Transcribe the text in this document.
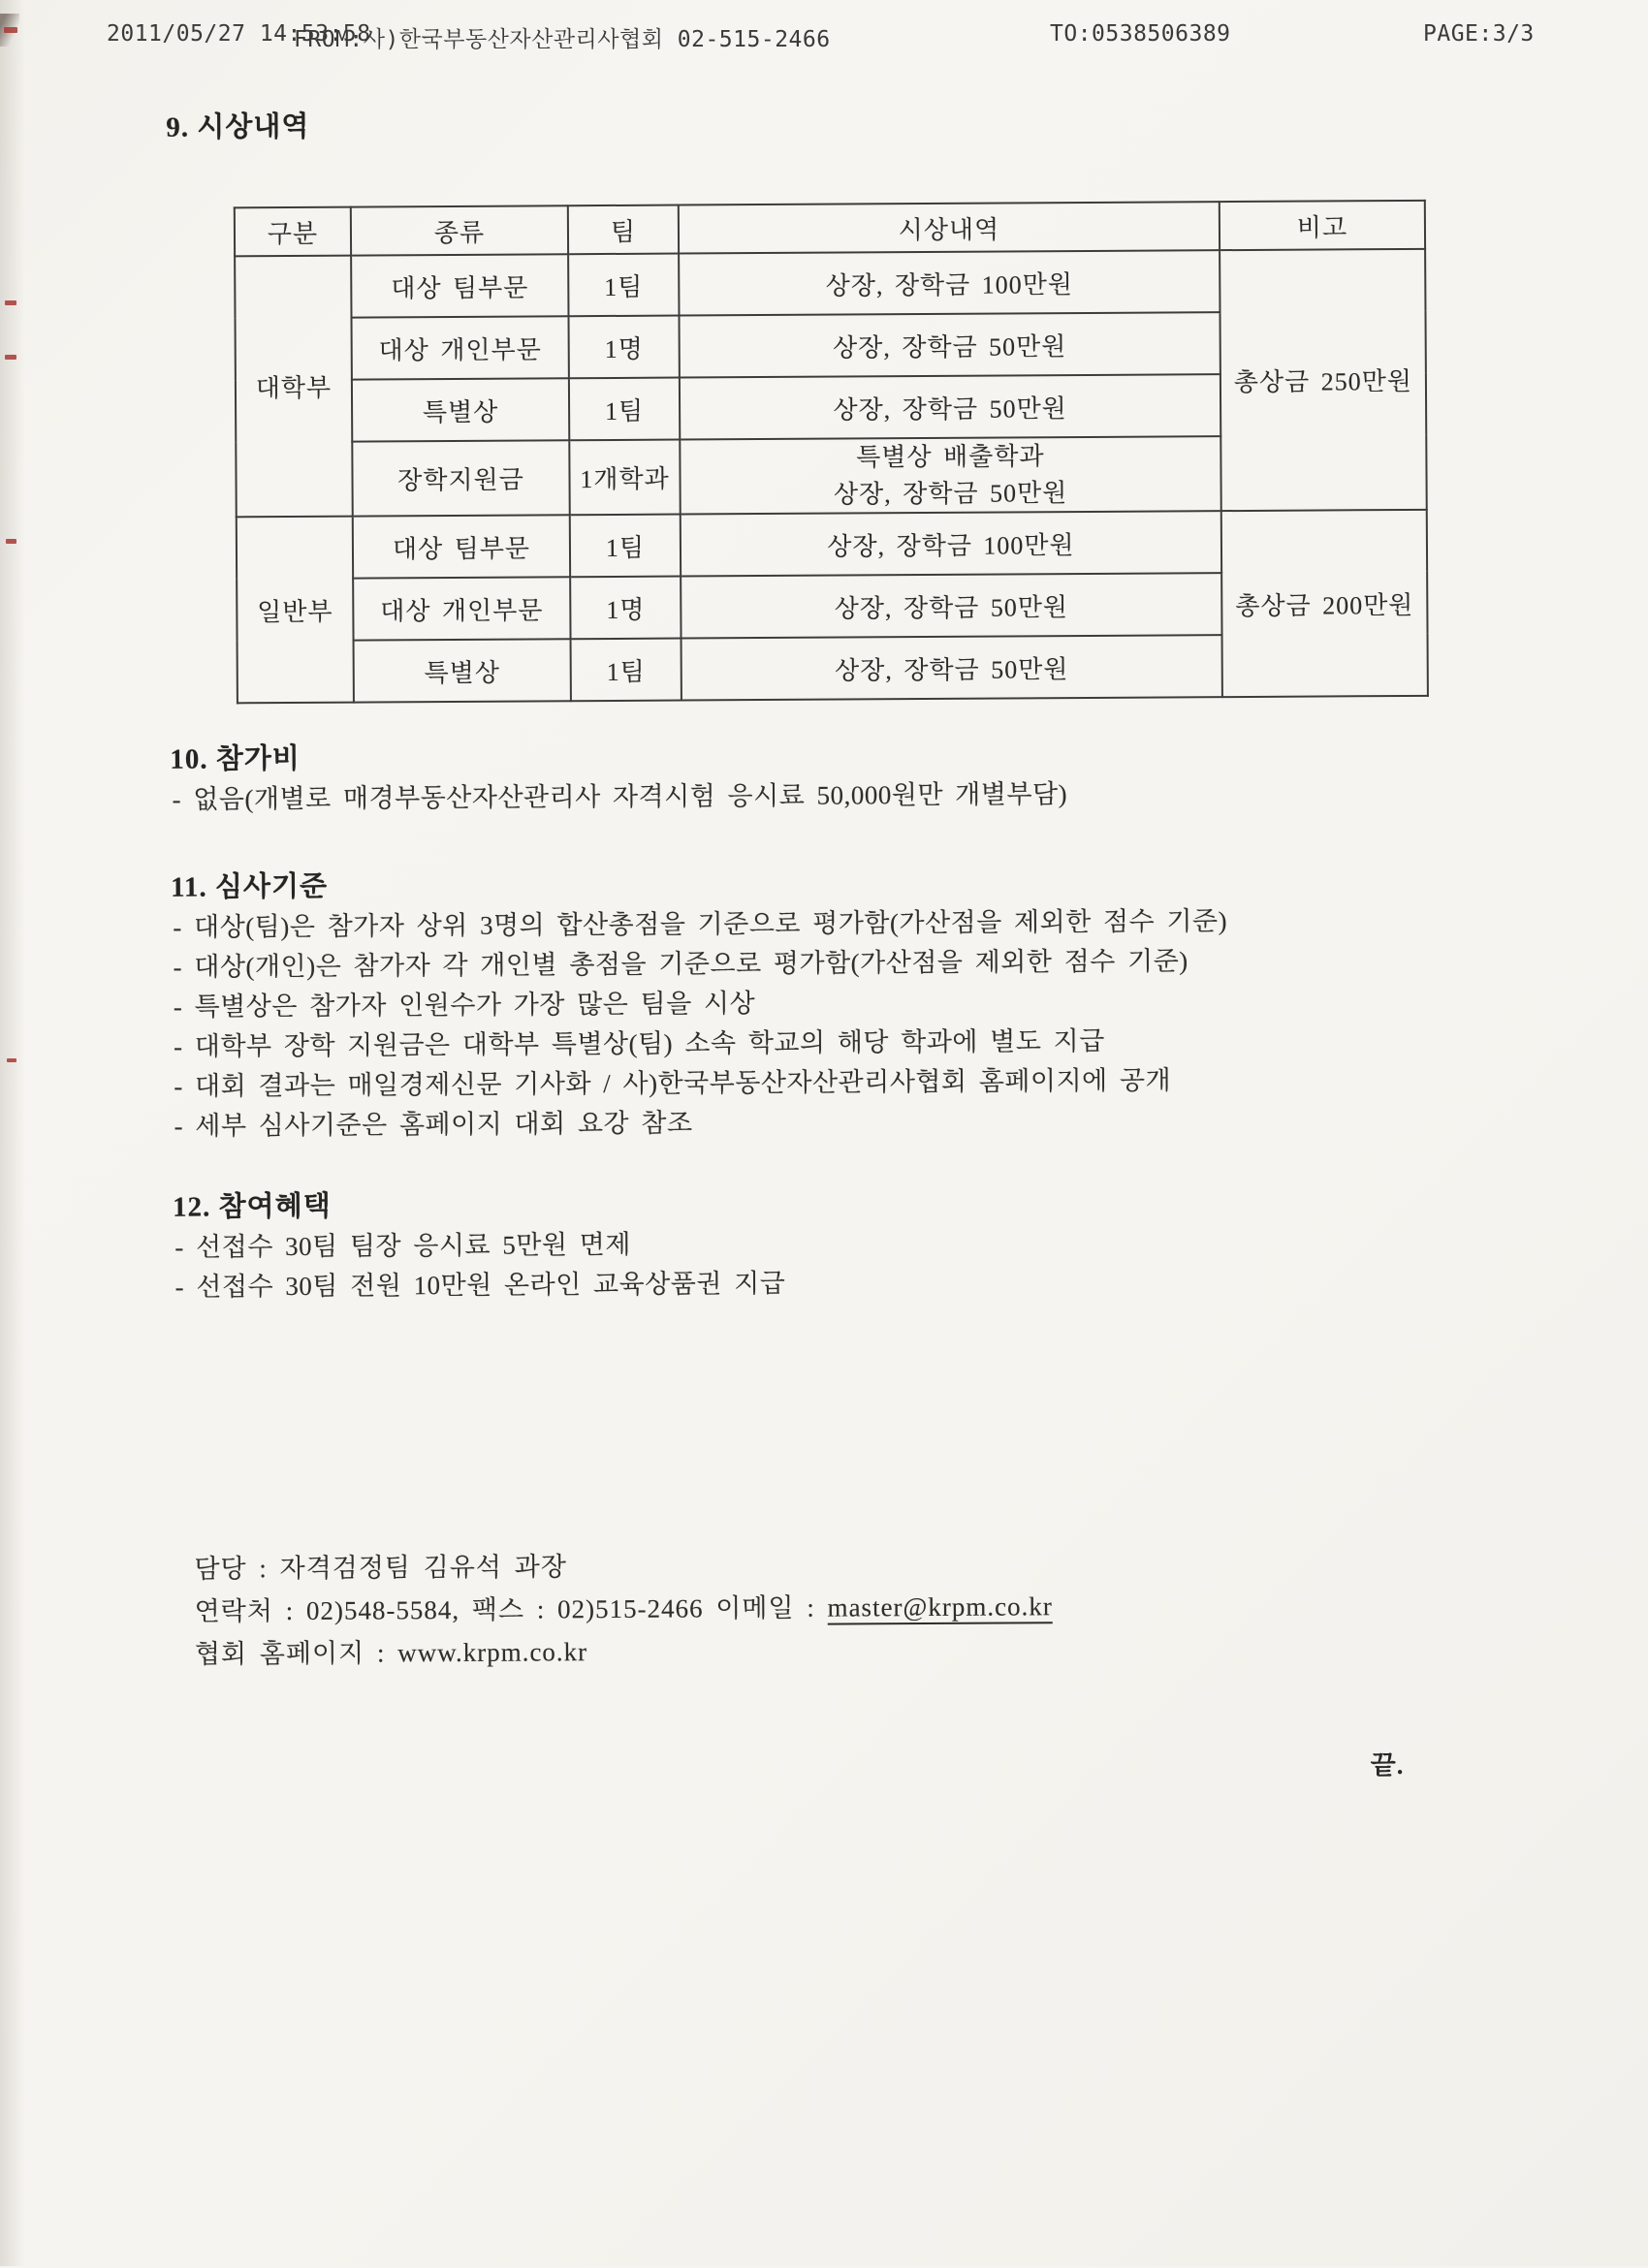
2011/05/27 14:53:58
FROM:사)한국부동산자산관리사협회 02-515-2466	TO:0538506389	PAGE:3/3
9. 시상내역
구분	종류	팀	시상내역	비고
대학부	대상 팀부문	1팀	상장, 장학금 100만원	총상금 250만원
	대상 개인부문	1명	상장, 장학금 50만원	
	특별상	1팀	상장, 장학금 50만원	
	장학지원금	1개학과	특별상 배출학과
상장, 장학금 50만원	

일반부	대상 팀부문	1팀	상장, 장학금 100만원	총상금 200만원
	대상 개인부문	1명	상장, 장학금 50만원	
	특별상	1팀	상장, 장학금 50만원	
10. 참가비
- 없음(개별로 매경부동산자산관리사 자격시험 응시료 50,000원만 개별부담)
11. 심사기준
- 대상(팀)은 참가자 상위 3명의 합산총점을 기준으로 평가함(가산점을 제외한 점수 기준)
- 대상(개인)은 참가자 각 개인별 총점을 기준으로 평가함(가산점을 제외한 점수 기준)
- 특별상은 참가자 인원수가 가장 많은 팀을 시상
- 대학부 장학 지원금은 대학부 특별상(팀) 소속 학교의 해당 학과에 별도 지급
- 대회 결과는 매일경제신문 기사화 / 사)한국부동산자산관리사협회 홈페이지에 공개
- 세부 심사기준은 홈페이지 대회 요강 참조
12. 참여혜택
- 선접수 30팀 팀장 응시료 5만원 면제
- 선접수 30팀 전원 10만원 온라인 교육상품권 지급
담당 : 자격검정팀 김유석 과장
연락처 : 02)548-5584, 팩스 : 02)515-2466 이메일 : master@krpm.co.kr
협회 홈페이지 : www.krpm.co.kr
끝.
